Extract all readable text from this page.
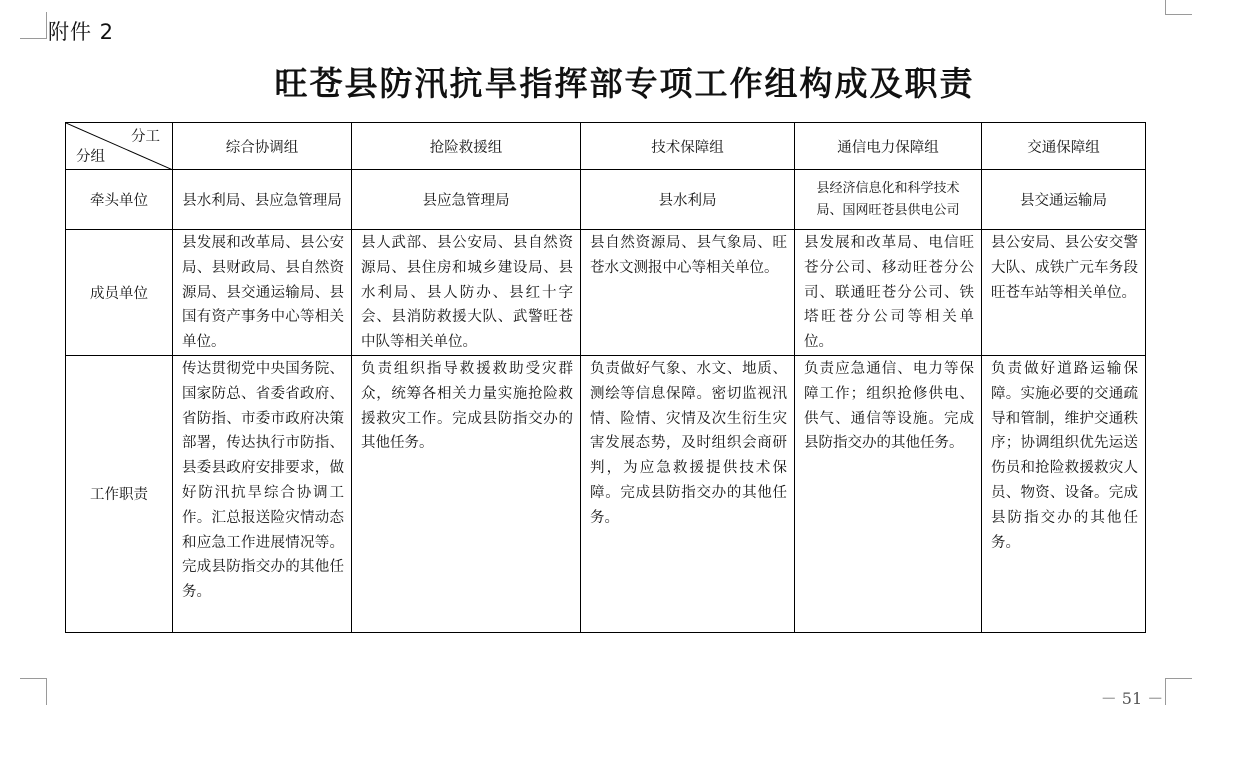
附件 2
旺苍县防汛抗旱指挥部专项工作组构成及职责
分工
分组	综合协调组	抢险救援组	技术保障组	通信电力保障组	交通保障组
牵头单位	县水利局、县应急管理局	县应急管理局	县水利局	县经济信息化和科学技术局、国网旺苍县供电公司	县交通运输局
成员单位	县发展和改革局、县公安局、县财政局、县自然资源局、县交通运输局、县国有资产事务中心等相关单位。	县人武部、县公安局、县自然资源局、县住房和城乡建设局、县水利局、县人防办、县红十字会、县消防救援大队、武警旺苍中队等相关单位。	县自然资源局、县气象局、旺苍水文测报中心等相关单位。	县发展和改革局、电信旺苍分公司、移动旺苍分公司、联通旺苍分公司、铁塔旺苍分公司等相关单位。	县公安局、县公安交警大队、成铁广元车务段旺苍车站等相关单位。
工作职责	传达贯彻党中央国务院、国家防总、省委省政府、省防指、市委市政府决策部署，传达执行市防指、县委县政府安排要求，做好防汛抗旱综合协调工作。汇总报送险灾情动态和应急工作进展情况等。完成县防指交办的其他任务。	负责组织指导救援救助受灾群众，统筹各相关力量实施抢险救援救灾工作。完成县防指交办的其他任务。	负责做好气象、水文、地质、测绘等信息保障。密切监视汛情、险情、灾情及次生衍生灾害发展态势，及时组织会商研判，为应急救援提供技术保障。完成县防指交办的其他任务。	负责应急通信、电力等保障工作；组织抢修供电、供气、通信等设施。完成县防指交办的其他任务。	负责做好道路运输保障。实施必要的交通疏导和管制，维护交通秩序；协调组织优先运送伤员和抢险救援救灾人员、物资、设备。完成县防指交办的其他任务。
－ 51 －
